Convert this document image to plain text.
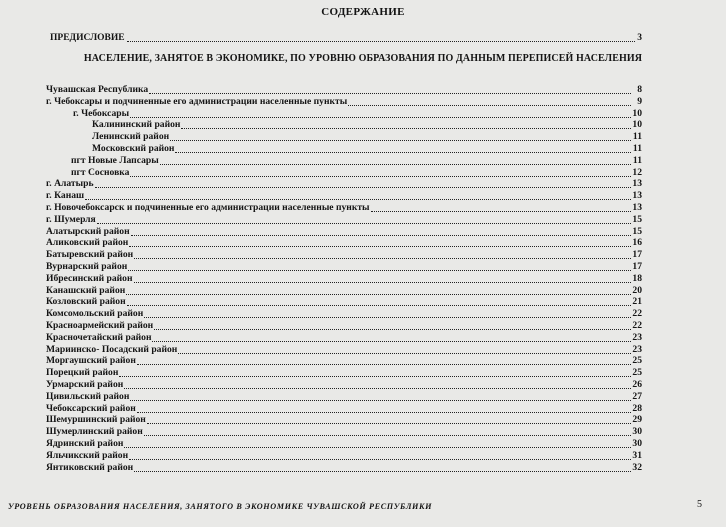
СОДЕРЖАНИЕ
ПРЕДИСЛОВИЕ	3
НАСЕЛЕНИЕ, ЗАНЯТОЕ В ЭКОНОМИКЕ, ПО УРОВНЮ ОБРАЗОВАНИЯ ПО ДАННЫМ ПЕРЕПИСЕЙ НАСЕЛЕНИЯ
Чувашская Республика	8
г. Чебоксары и подчиненные его администрации населенные пункты	9
г. Чебоксары	10
Калининский район	10
Ленинский район	11
Московский район	11
пгт Новые Лапсары	11
пгт Сосновка	12
г. Алатырь	13
г. Канаш	13
г. Новочебоксарск и подчиненные его администрации населенные пункты	13
г. Шумерля	15
Алатырский район	15
Аликовский район	16
Батыревский район	17
Вурнарский район	17
Ибресинский район	18
Канашский район	20
Козловский район	21
Комсомольский район	22
Красноармейский район	22
Красночетайский район	23
Мариинско- Посадский район	23
Моргаушский район	25
Порецкий район	25
Урмарский район	26
Цивильский район	27
Чебоксарский район	28
Шемуршинский район	29
Шумерлинский район	30
Ядринский район	30
Яльчикский район	31
Янтиковский район	32
УРОВЕНЬ ОБРАЗОВАНИЯ НАСЕЛЕНИЯ, ЗАНЯТОГО В ЭКОНОМИКЕ ЧУВАШСКОЙ РЕСПУБЛИКИ	5
